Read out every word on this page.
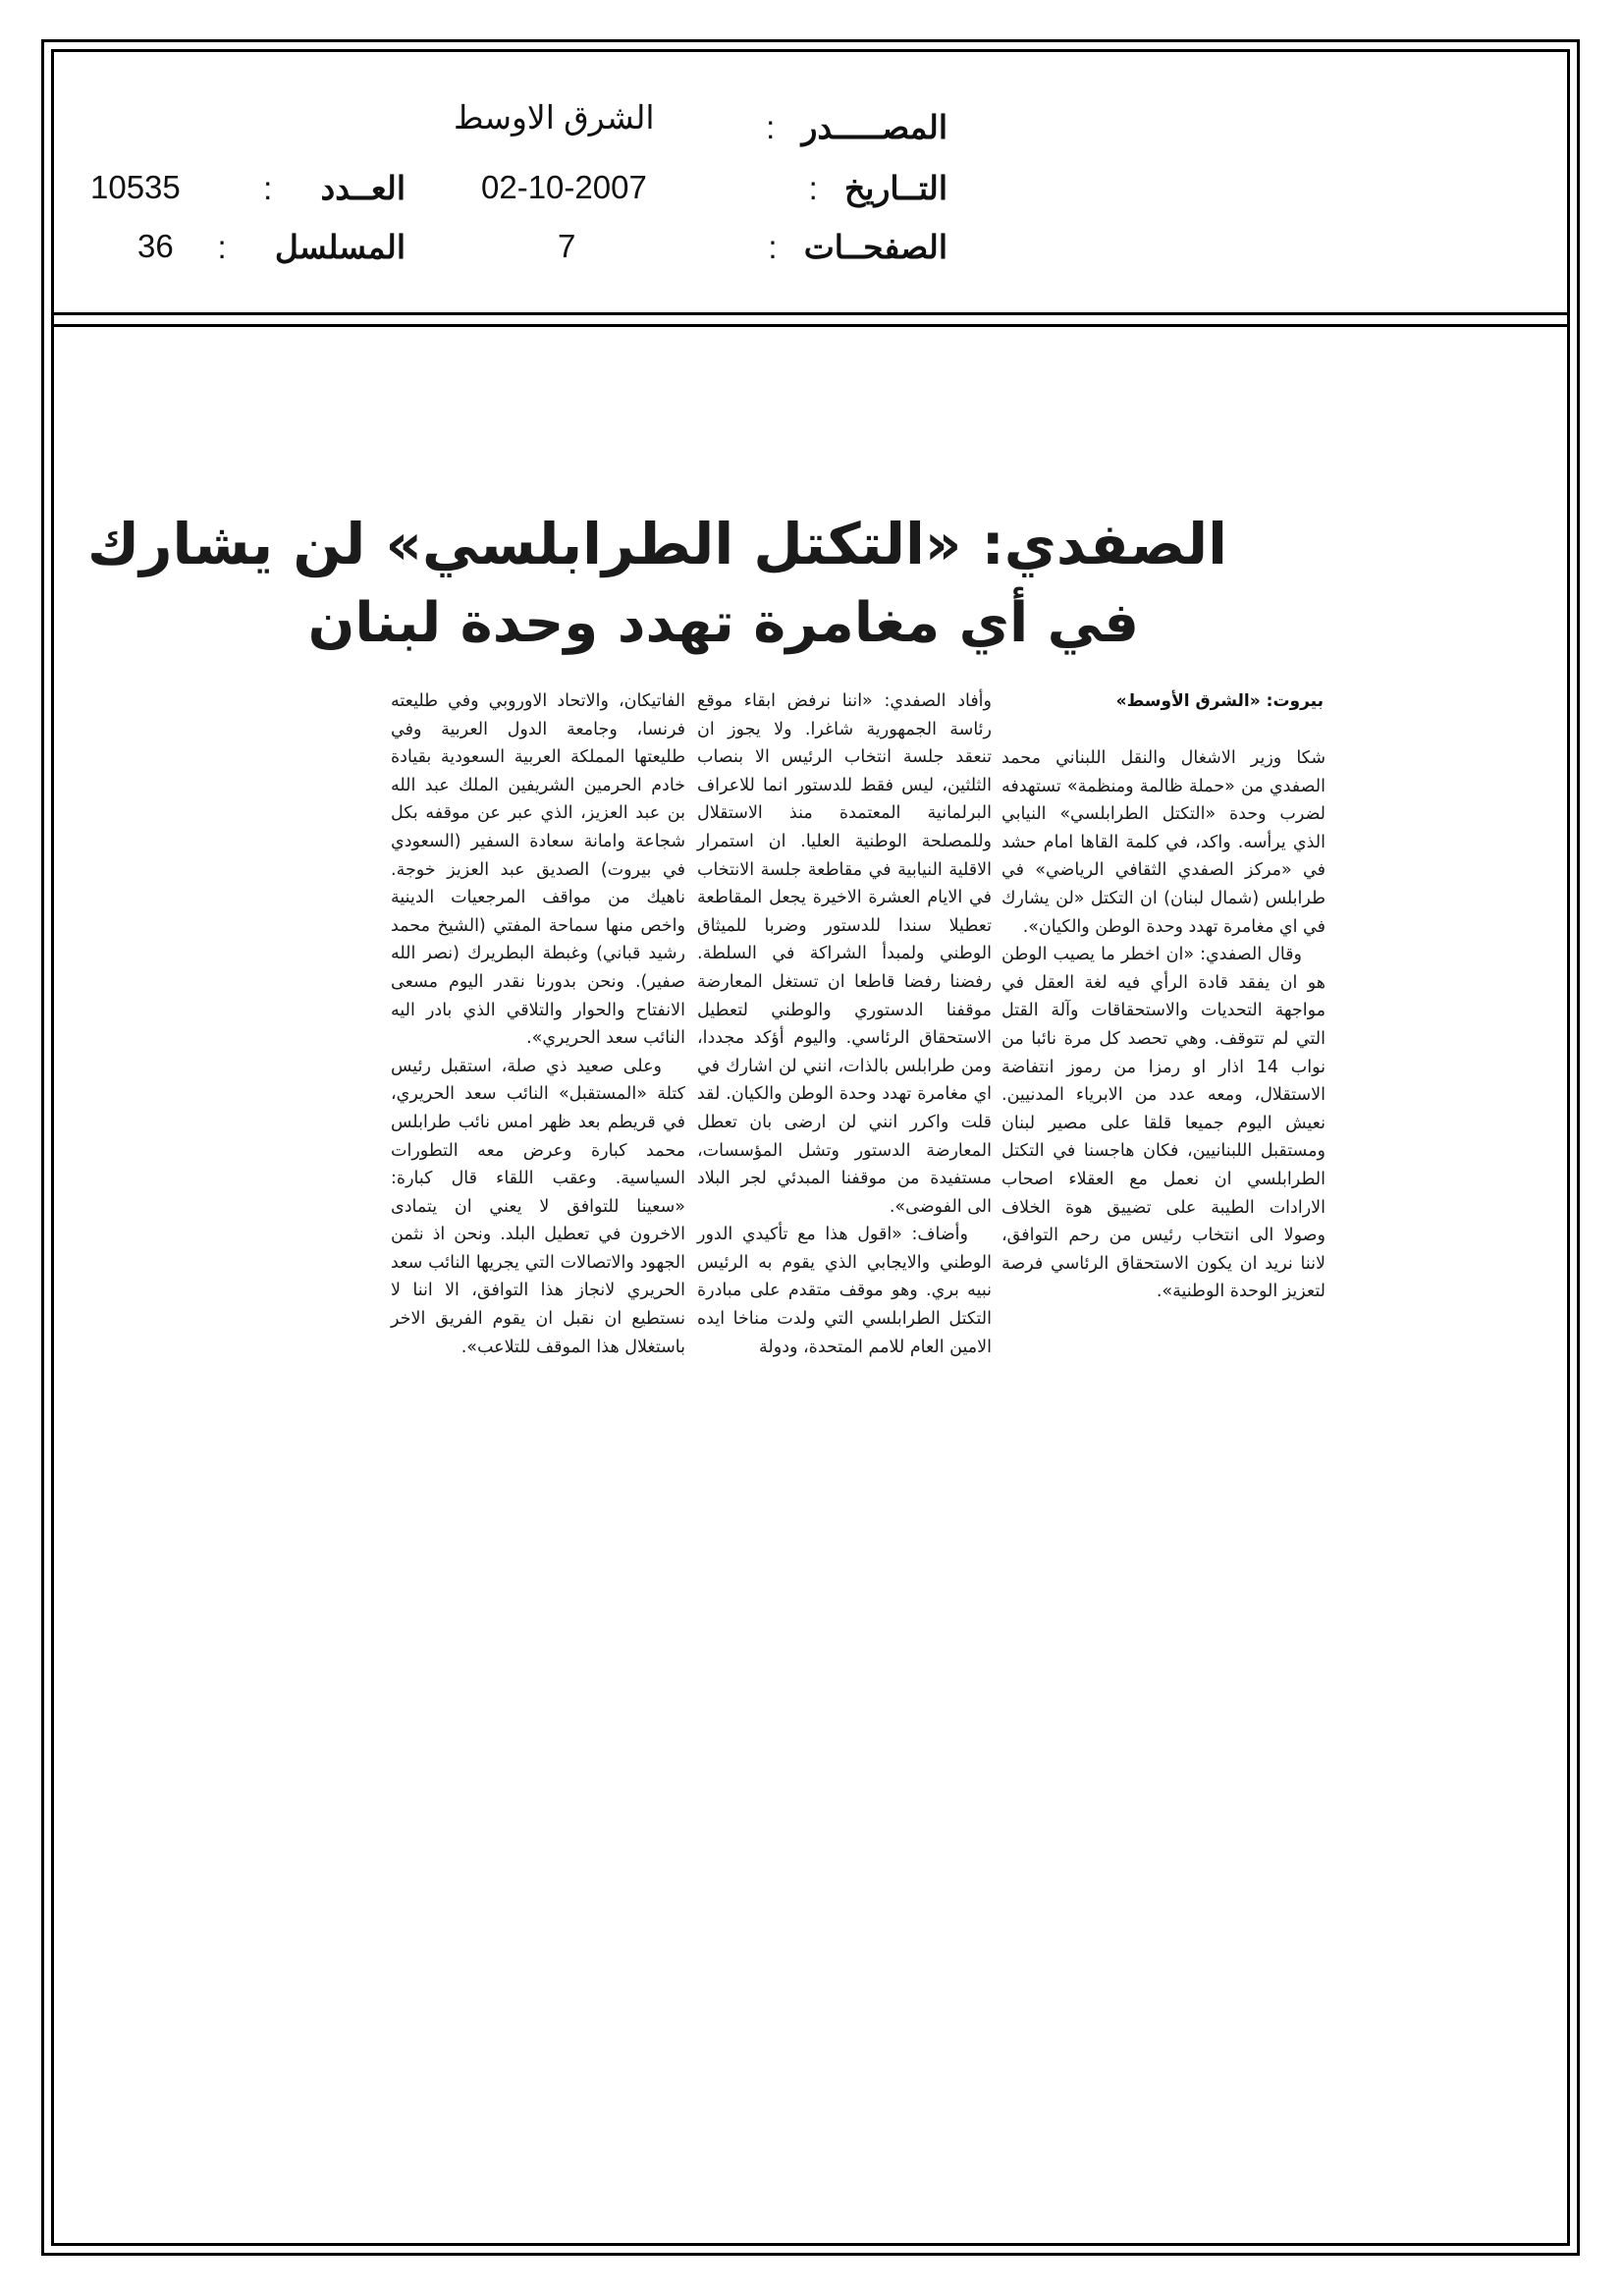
المصـــــدر :
الشرق الاوسط
التــاريخ :
02-10-2007
العــدد :
10535
الصفحــات :
7
المسلسل :
36
الصفدي: «التكتل الطرابلسي» لن يشارك
في أي مغامرة تهدد وحدة لبنان
بيروت: «الشرق الأوسط»

شكا وزير الاشغال والنقل اللبناني محمد الصفدي من «حملة ظالمة ومنظمة» تستهدفه لضرب وحدة «التكتل الطرابلسي» النيابي الذي يرأسه. واكد، في كلمة القاها امام حشد في «مركز الصفدي الثقافي الرياضي» في طرابلس (شمال لبنان) ان التكتل «لن يشارك في اي مغامرة تهدد وحدة الوطن والكيان».

وقال الصفدي: «ان اخطر ما يصيب الوطن هو ان يفقد قادة الرأي فيه لغة العقل في مواجهة التحديات والاستحقاقات وآلة القتل التي لم تتوقف. وهي تحصد كل مرة نائبا من نواب 14 اذار او رمزا من رموز انتفاضة الاستقلال، ومعه عدد من الابرياء المدنيين. نعيش اليوم جميعا قلقا على مصير لبنان ومستقبل اللبنانيين، فكان هاجسنا في التكتل الطرابلسي ان نعمل مع العقلاء اصحاب الارادات الطيبة على تضييق هوة الخلاف وصولا الى انتخاب رئيس من رحم التوافق، لاننا نريد ان يكون الاستحقاق الرئاسي فرصة لتعزيز الوحدة الوطنية».

وأفاد الصفدي: «اننا نرفض ابقاء موقع رئاسة الجمهورية شاغرا. ولا يجوز ان تنعقد جلسة انتخاب الرئيس الا بنصاب الثلثين، ليس فقط للدستور انما للاعراف البرلمانية المعتمدة منذ الاستقلال وللمصلحة الوطنية العليا. ان استمرار الاقلية النيابية في مقاطعة جلسة الانتخاب في الايام العشرة الاخيرة يجعل المقاطعة تعطيلا سندا للدستور وضربا للميثاق الوطني ولمبدأ الشراكة في السلطة. رفضنا رفضا قاطعا ان تستغل المعارضة موقفنا الدستوري والوطني لتعطيل الاستحقاق الرئاسي. واليوم أؤكد مجددا، ومن طرابلس بالذات، انني لن اشارك في اي مغامرة تهدد وحدة الوطن والكيان. لقد قلت واكرر انني لن ارضى بان تعطل المعارضة الدستور وتشل المؤسسات، مستفيدة من موقفنا المبدئي لجر البلاد الى الفوضى».

وأضاف: «اقول هذا مع تأكيدي الدور الوطني والايجابي الذي يقوم به الرئيس نبيه بري. وهو موقف متقدم على مبادرة التكتل الطرابلسي التي ولدت مناخا ايده الامين العام للامم المتحدة، ودولة

الفاتيكان، والاتحاد الاوروبي وفي طليعته فرنسا، وجامعة الدول العربية وفي طليعتها المملكة العربية السعودية بقيادة خادم الحرمين الشريفين الملك عبد الله بن عبد العزيز، الذي عبر عن موقفه بكل شجاعة وامانة سعادة السفير (السعودي في بيروت) الصديق عبد العزيز خوجة. ناهيك من مواقف المرجعيات الدينية واخص منها سماحة المفتي (الشيخ محمد رشيد قباني) وغبطة البطريرك (نصر الله صفير). ونحن بدورنا نقدر اليوم مسعى الانفتاح والحوار والتلاقي الذي بادر اليه النائب سعد الحريري».

وعلى صعيد ذي صلة، استقبل رئيس كتلة «المستقبل» النائب سعد الحريري، في قريطم بعد ظهر امس نائب طرابلس محمد كبارة وعرض معه التطورات السياسية. وعقب اللقاء قال كبارة: «سعينا للتوافق لا يعني ان يتمادى الاخرون في تعطيل البلد. ونحن اذ نثمن الجهود والاتصالات التي يجريها النائب سعد الحريري لانجاز هذا التوافق، الا اننا لا نستطيع ان نقبل ان يقوم الفريق الاخر باستغلال هذا الموقف للتلاعب».
